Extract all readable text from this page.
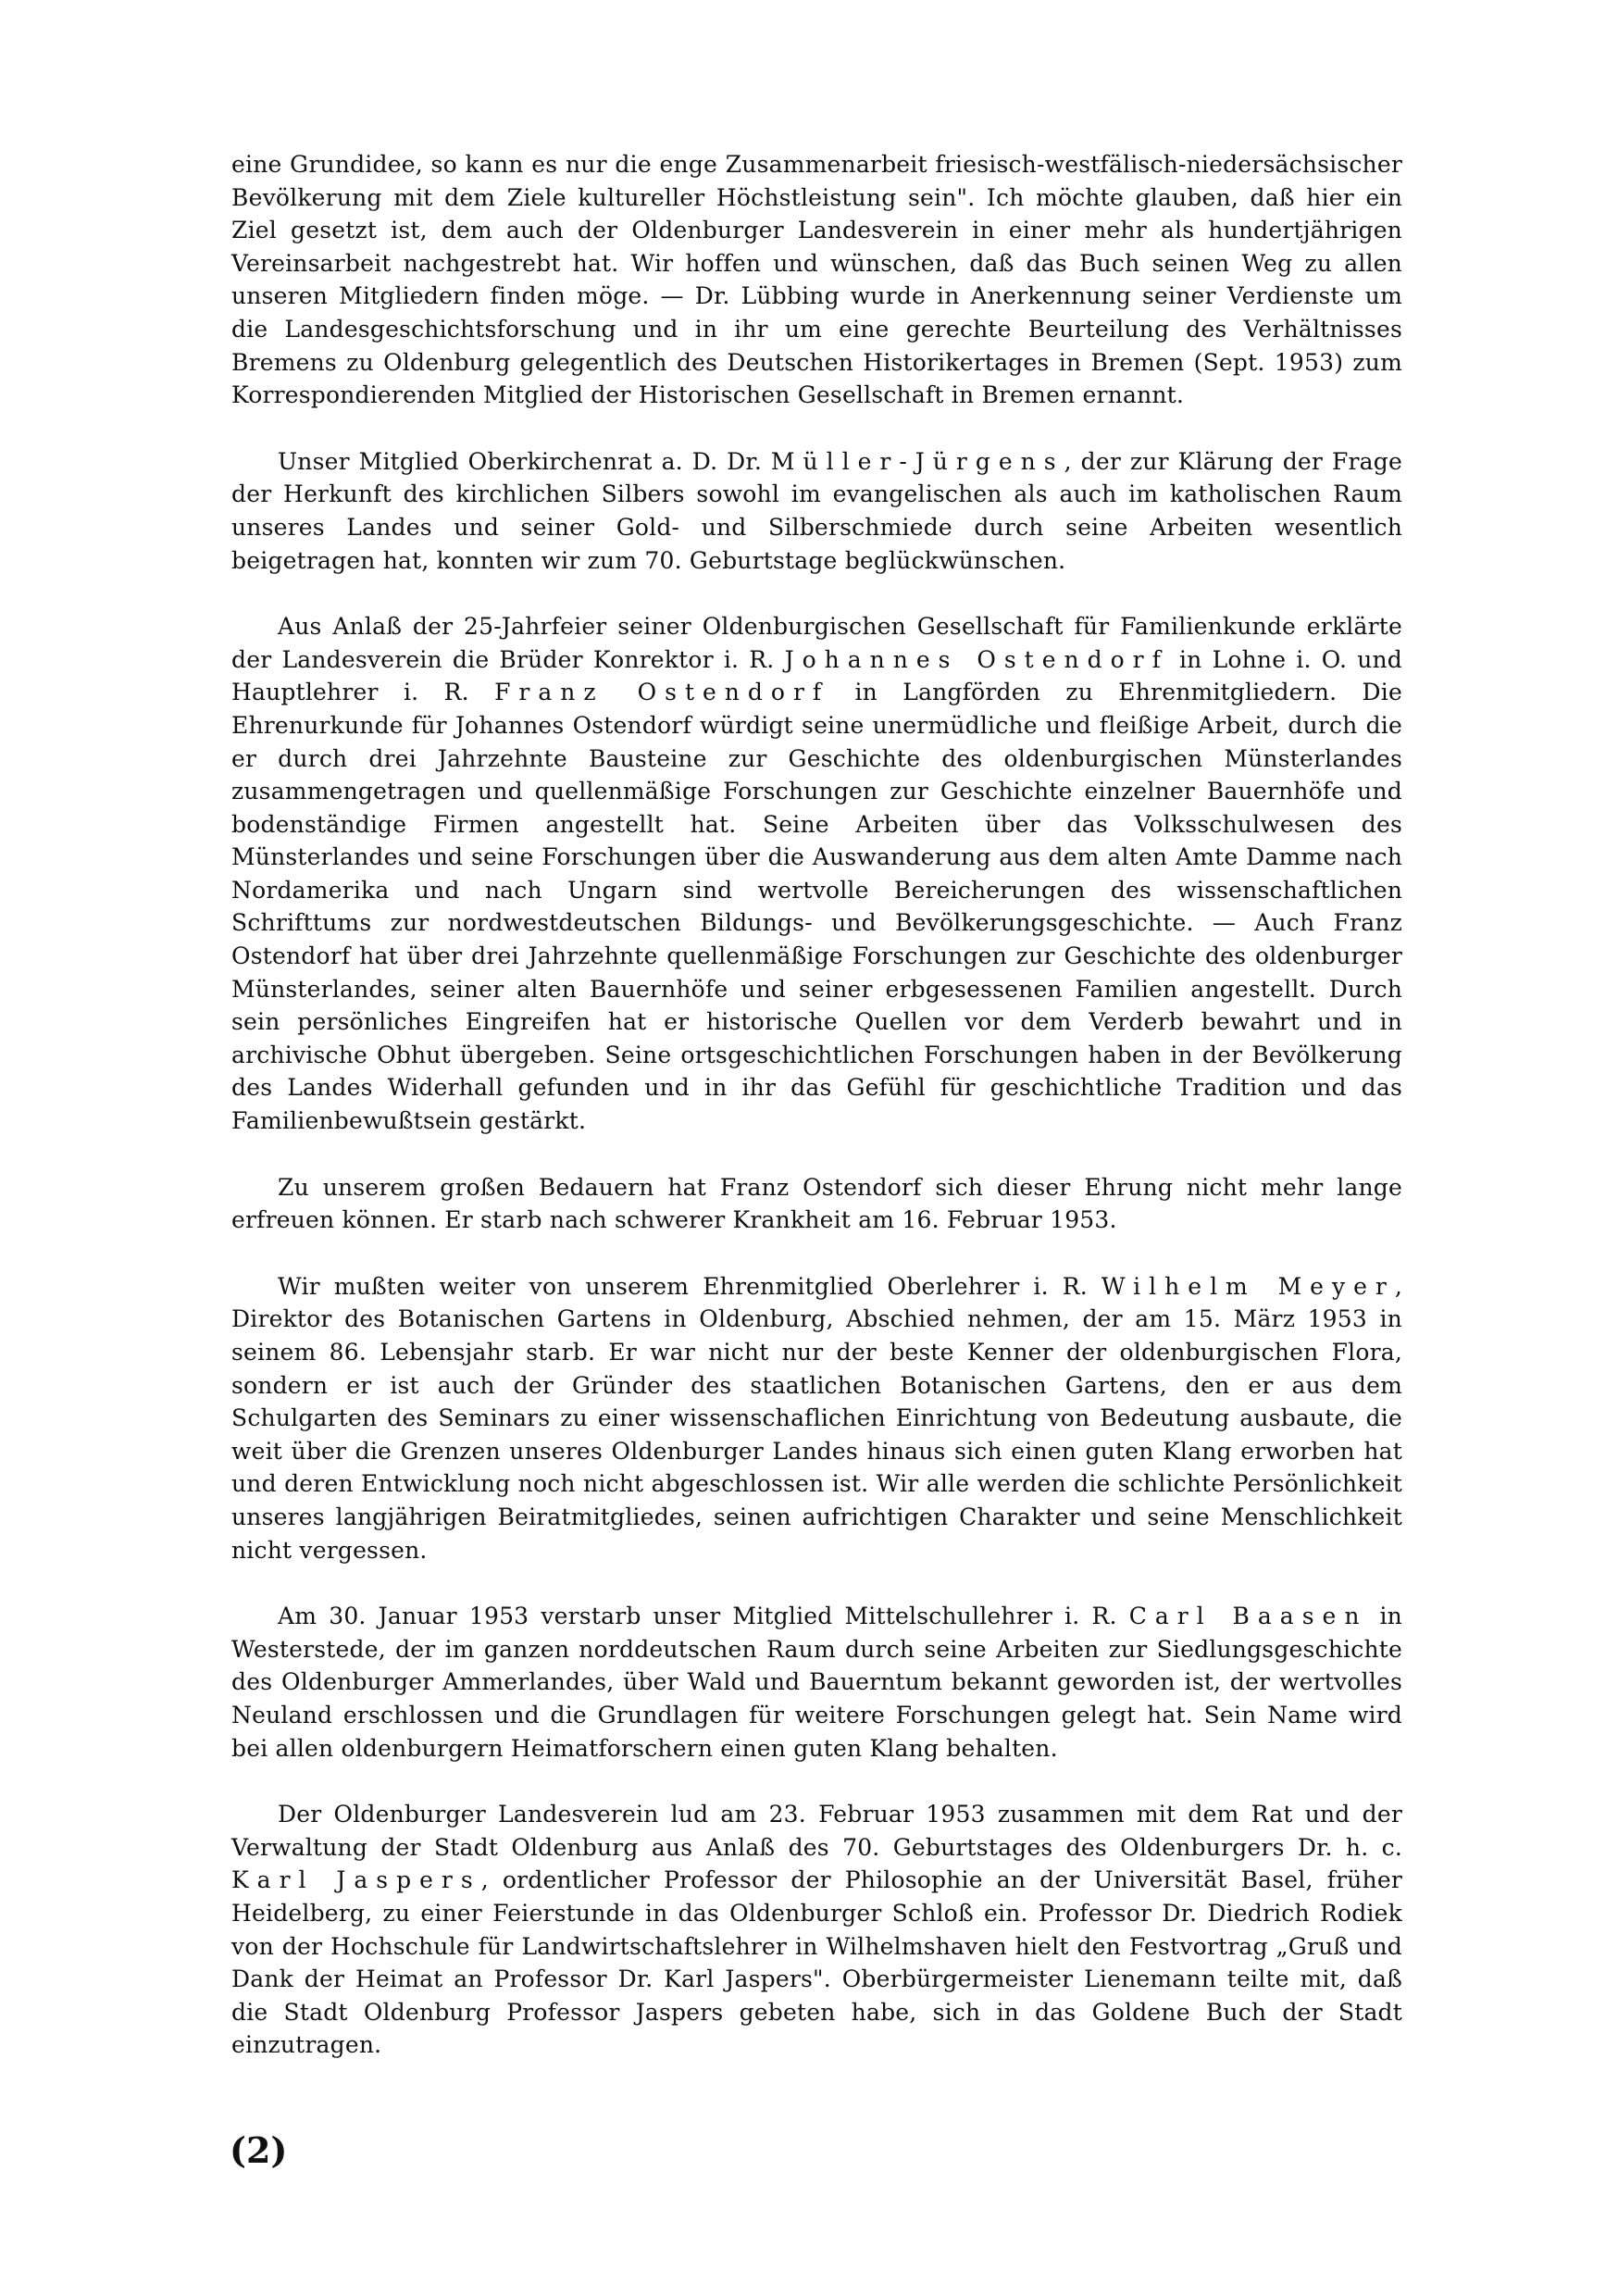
eine Grundidee, so kann es nur die enge Zusammenarbeit friesisch-westfälisch-niedersächsischer Bevölkerung mit dem Ziele kultureller Höchstleistung sein". Ich möchte glauben, daß hier ein Ziel gesetzt ist, dem auch der Oldenburger Landesverein in einer mehr als hundertjährigen Vereinsarbeit nachgestrebt hat. Wir hoffen und wünschen, daß das Buch seinen Weg zu allen unseren Mitgliedern finden möge. — Dr. Lübbing wurde in Anerkennung seiner Verdienste um die Landesgeschichtsforschung und in ihr um eine gerechte Beurteilung des Verhältnisses Bremens zu Oldenburg gelegentlich des Deutschen Historikertages in Bremen (Sept. 1953) zum Korrespondierenden Mitglied der Historischen Gesellschaft in Bremen ernannt.

Unser Mitglied Oberkirchenrat a. D. Dr. Müller-Jürgens, der zur Klärung der Frage der Herkunft des kirchlichen Silbers sowohl im evangelischen als auch im katholischen Raum unseres Landes und seiner Gold- und Silberschmiede durch seine Arbeiten wesentlich beigetragen hat, konnten wir zum 70. Geburtstage beglückwünschen.

Aus Anlaß der 25-Jahrfeier seiner Oldenburgischen Gesellschaft für Familienkunde erklärte der Landesverein die Brüder Konrektor i. R. Johannes Ostendorf in Lohne i. O. und Hauptlehrer i. R. Franz Ostendorf in Langförden zu Ehrenmitgliedern. Die Ehrenurkunde für Johannes Ostendorf würdigt seine unermüdliche und fleißige Arbeit, durch die er durch drei Jahrzehnte Bausteine zur Geschichte des oldenburgischen Münsterlandes zusammengetragen und quellenmäßige Forschungen zur Geschichte einzelner Bauernhöfe und bodenständige Firmen angestellt hat. Seine Arbeiten über das Volksschulwesen des Münsterlandes und seine Forschungen über die Auswanderung aus dem alten Amte Damme nach Nordamerika und nach Ungarn sind wertvolle Bereicherungen des wissenschaftlichen Schrifttums zur nordwestdeutschen Bildungs- und Bevölkerungsgeschichte. — Auch Franz Ostendorf hat über drei Jahrzehnte quellenmäßige Forschungen zur Geschichte des oldenburger Münsterlandes, seiner alten Bauernhöfe und seiner erbgesessenen Familien angestellt. Durch sein persönliches Eingreifen hat er historische Quellen vor dem Verderb bewahrt und in archivische Obhut übergeben. Seine ortsgeschichtlichen Forschungen haben in der Bevölkerung des Landes Widerhall gefunden und in ihr das Gefühl für geschichtliche Tradition und das Familienbewußtsein gestärkt.

Zu unserem großen Bedauern hat Franz Ostendorf sich dieser Ehrung nicht mehr lange erfreuen können. Er starb nach schwerer Krankheit am 16. Februar 1953.

Wir mußten weiter von unserem Ehrenmitglied Oberlehrer i. R. Wilhelm Meyer, Direktor des Botanischen Gartens in Oldenburg, Abschied nehmen, der am 15. März 1953 in seinem 86. Lebensjahr starb. Er war nicht nur der beste Kenner der oldenburgischen Flora, sondern er ist auch der Gründer des staatlichen Botanischen Gartens, den er aus dem Schulgarten des Seminars zu einer wissenschaflichen Einrichtung von Bedeutung ausbaute, die weit über die Grenzen unseres Oldenburger Landes hinaus sich einen guten Klang erworben hat und deren Entwicklung noch nicht abgeschlossen ist. Wir alle werden die schlichte Persönlichkeit unseres langjährigen Beiratmitgliedes, seinen aufrichtigen Charakter und seine Menschlichkeit nicht vergessen.

Am 30. Januar 1953 verstarb unser Mitglied Mittelschullehrer i. R. Carl Baasen in Westerstede, der im ganzen norddeutschen Raum durch seine Arbeiten zur Siedlungsgeschichte des Oldenburger Ammerlandes, über Wald und Bauerntum bekannt geworden ist, der wertvolles Neuland erschlossen und die Grundlagen für weitere Forschungen gelegt hat. Sein Name wird bei allen oldenburgern Heimatforschern einen guten Klang behalten.

Der Oldenburger Landesverein lud am 23. Februar 1953 zusammen mit dem Rat und der Verwaltung der Stadt Oldenburg aus Anlaß des 70. Geburtstages des Oldenburgers Dr. h. c. Karl Jaspers, ordentlicher Professor der Philosophie an der Universität Basel, früher Heidelberg, zu einer Feierstunde in das Oldenburger Schloß ein. Professor Dr. Diedrich Rodiek von der Hochschule für Landwirtschaftslehrer in Wilhelmshaven hielt den Festvortrag „Gruß und Dank der Heimat an Professor Dr. Karl Jaspers". Oberbürgermeister Lienemann teilte mit, daß die Stadt Oldenburg Professor Jaspers gebeten habe, sich in das Goldene Buch der Stadt einzutragen.

(2)
